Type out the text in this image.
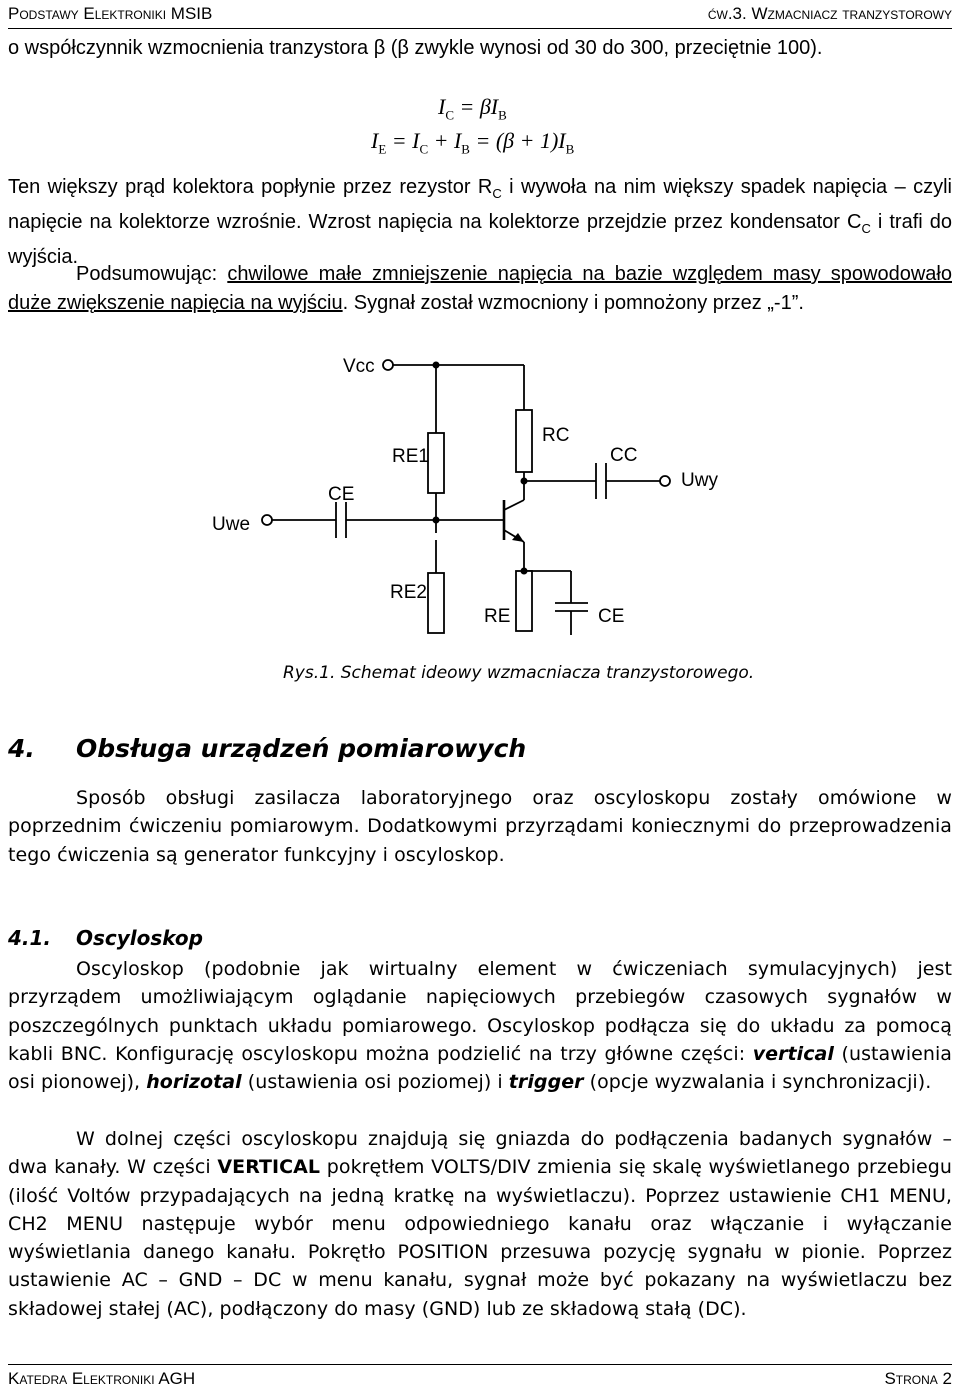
Podstawy Elektroniki MSIB	ćw.3. Wzmacniacz tranzystorowy

o współczynnik wzmocnienia tranzystora β (β zwykle wynosi od 30 do 300, przeciętnie 100).

$I_C = \beta I_B$
$I_E = I_C + I_B = (\beta + 1)I_B$

Ten większy prąd kolektora popłynie przez rezystor $R_C$ i wywoła na nim większy spadek napięcia – czyli napięcie na kolektorze wzrośnie. Wzrost napięcia na kolektorze przejdzie przez kondensator $C_C$ i trafi do wyjścia.

Podsumowując: chwilowe małe zmniejszenie napięcia na bazie względem masy spowodowało duże zwiększenie napięcia na wyjściu. Sygnał został wzmocniony i pomnożony przez „-1”.

Vcc
RC
RE1	CC
Uwy
CE
Uwe
RE2
RE	CE
Rys.1. Schemat ideowy wzmacniacza tranzystorowego.
4. Obsługa urządzeń pomiarowych

Sposób obsługi zasilacza laboratoryjnego oraz oscyloskopu zostały omówione w poprzednim ćwiczeniu pomiarowym. Dodatkowymi przyrządami koniecznymi do przeprowadzenia tego ćwiczenia są generator funkcyjny i oscyloskop.

4.1. Oscyloskop

Oscyloskop (podobnie jak wirtualny element w ćwiczeniach symulacyjnych) jest przyrządem umożliwiającym oglądanie napięciowych przebiegów czasowych sygnałów w poszczególnych punktach układu pomiarowego. Oscyloskop podłącza się do układu za pomocą kabli BNC. Konfigurację oscyloskopu można podzielić na trzy główne części: vertical (ustawienia osi pionowej), horizotal (ustawienia osi poziomej) i trigger (opcje wyzwalania i synchronizacji).

W dolnej części oscyloskopu znajdują się gniazda do podłączenia badanych sygnałów – dwa kanały. W części VERTICAL pokrętłem VOLTS/DIV zmienia się skalę wyświetlanego przebiegu (ilość Voltów przypadających na jedną kratkę na wyświetlaczu). Poprzez ustawienie CH1 MENU, CH2 MENU następuje wybór menu odpowiedniego kanału oraz włączanie i wyłączanie wyświetlania danego kanału. Pokrętło POSITION przesuwa pozycję sygnału w pionie. Poprzez ustawienie AC – GND – DC w menu kanału, sygnał może być pokazany na wyświetlaczu bez składowej stałej (AC), podłączony do masy (GND) lub ze składową stałą (DC).

Katedra Elektroniki AGH	Strona 2
